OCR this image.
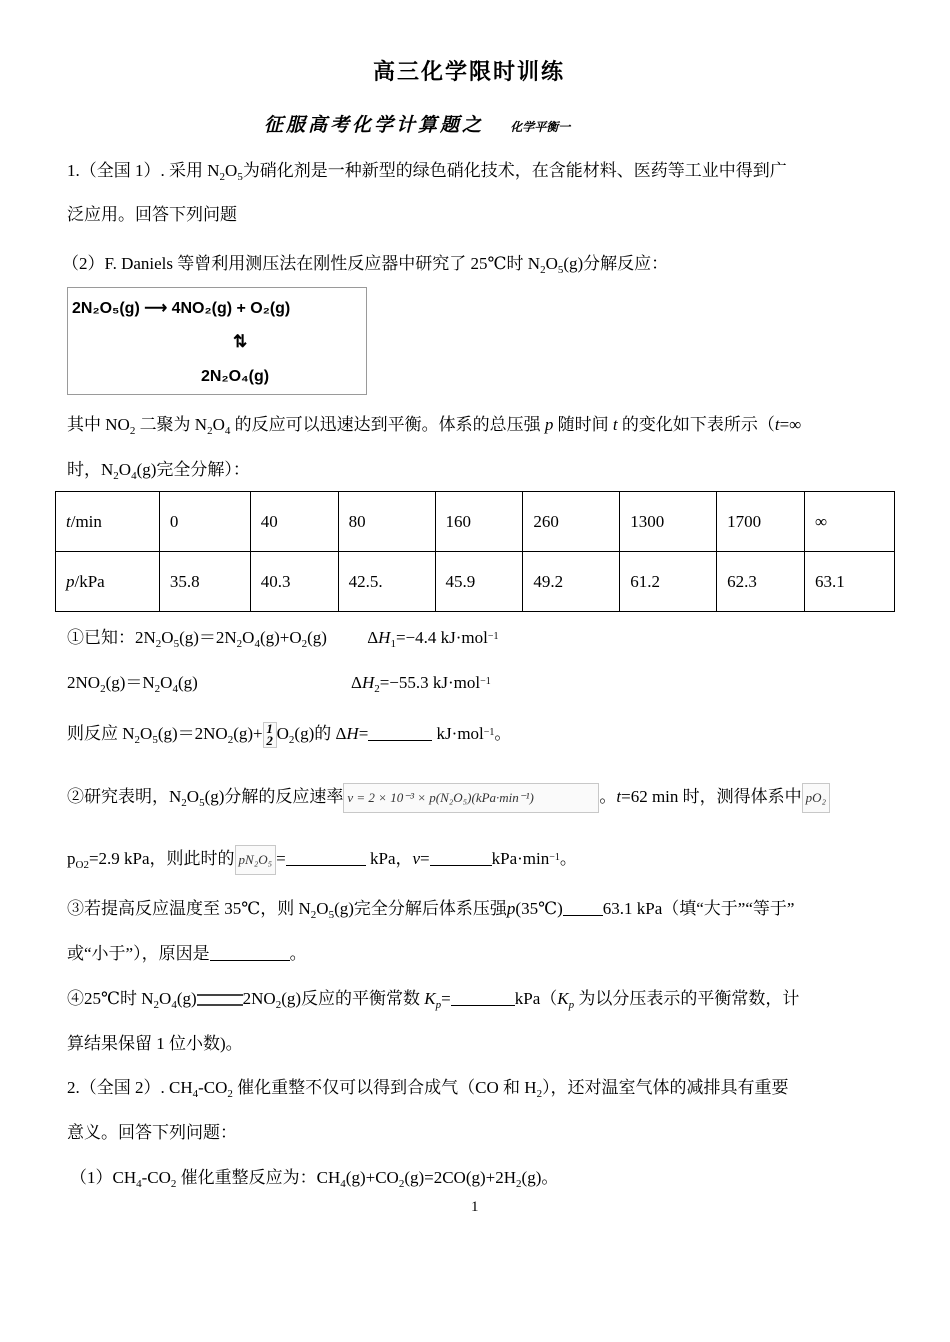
高三化学限时训练
征服高考化学计算题之 化学平衡一
1.（全国 1）. 采用 $N_2O_5$为硝化剂是一种新型的绿色硝化技术，在含能材料、医药等工业中得到广
泛应用。回答下列问题
（2）F. Daniels 等曾利用测压法在刚性反应器中研究了 25℃时 $N_2O_5(g)$分解反应：
2N₂O₅(g) ⟶ 4NO₂(g) + O₂(g)
⇅
2N₂O₄(g)
其中 $NO_2$ 二聚为 $N_2O_4$ 的反应可以迅速达到平衡。体系的总压强 p 随时间 t 的变化如下表所示（t=∞
时，$N_2O_4(g)$完全分解）：
t/min	0	40	80	160	260	1300	1700	∞
p/kPa	35.8	40.3	42.5.	45.9	49.2	61.2	62.3	63.1
①已知：$2N_2O_5(g)=2N_2O_4(g)+O_2(g)$ $\Delta H_1=-4.4$ kJ·mol$^{-1}$
$2NO_2(g)=N_2O_4(g)$	$\Delta H_2=-55.3$ kJ·mol$^{-1}$
则反应 $N_2O_5(g)=2NO_2(g)+ 1$
2 $O_2(g)$的 ΔH=	kJ·mol$^{-1}$。
②研究表明，$N_2O_5(g)$分解的反应速率 v = 2 × 10⁻³ × p(N₂O₅)(kPa·min⁻¹)	。t=62 min 时，测得体系中 pO₂
$p_{O2}=2.9$ kPa，则此时的 pN₂O₅ =	kPa，v=	$kPa\cdot\min^{-1}$。
③若提高反应温度至 35℃，则 $N_2O_5(g)$完全分解后体系压强p(35℃) 63.1 kPa（填“大于”“等于”
或“小于”），原因是	。
④25℃时 $N_2O_4(g)$	$2NO_2(g)$反应的平衡常数 $K_p=$	$kPa(K_p$ 为以分压表示的平衡常数，计
算结果保留 1 位小数)。
2.（全国 2）. $CH_4-CO_2$ 催化重整不仅可以得到合成气（CO 和 $H_2$），还对温室气体的减排具有重要
意义。回答下列问题：
$(1)CH_4-CO_2$ 催化重整反应为：$CH_4(g)+CO_2(g)=2CO(g)+2H_2(g)$。
1
